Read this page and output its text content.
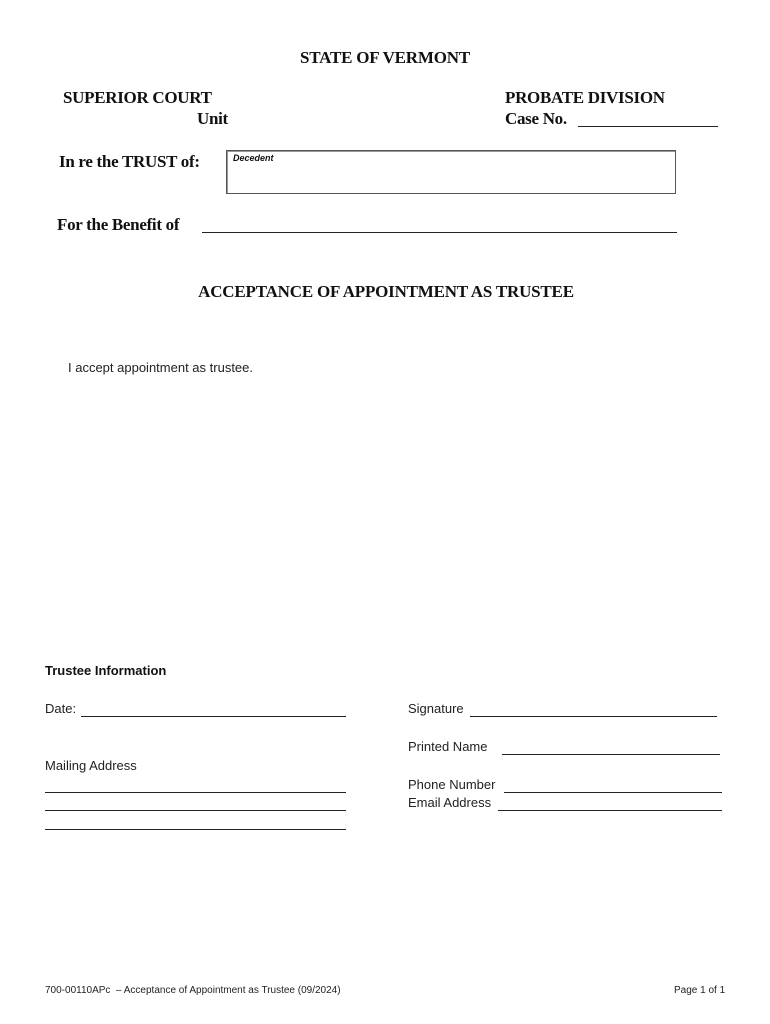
STATE OF VERMONT
SUPERIOR COURT
Unit
PROBATE DIVISION
Case No.
In re the TRUST of:	Decedent
For the Benefit of
ACCEPTANCE OF APPOINTMENT AS TRUSTEE
I accept appointment as trustee.
Trustee Information
Date:
Mailing Address
Signature
Printed Name
Phone Number
Email Address
700-00110APc  – Acceptance of Appointment as Trustee (09/2024)	Page 1 of 1
